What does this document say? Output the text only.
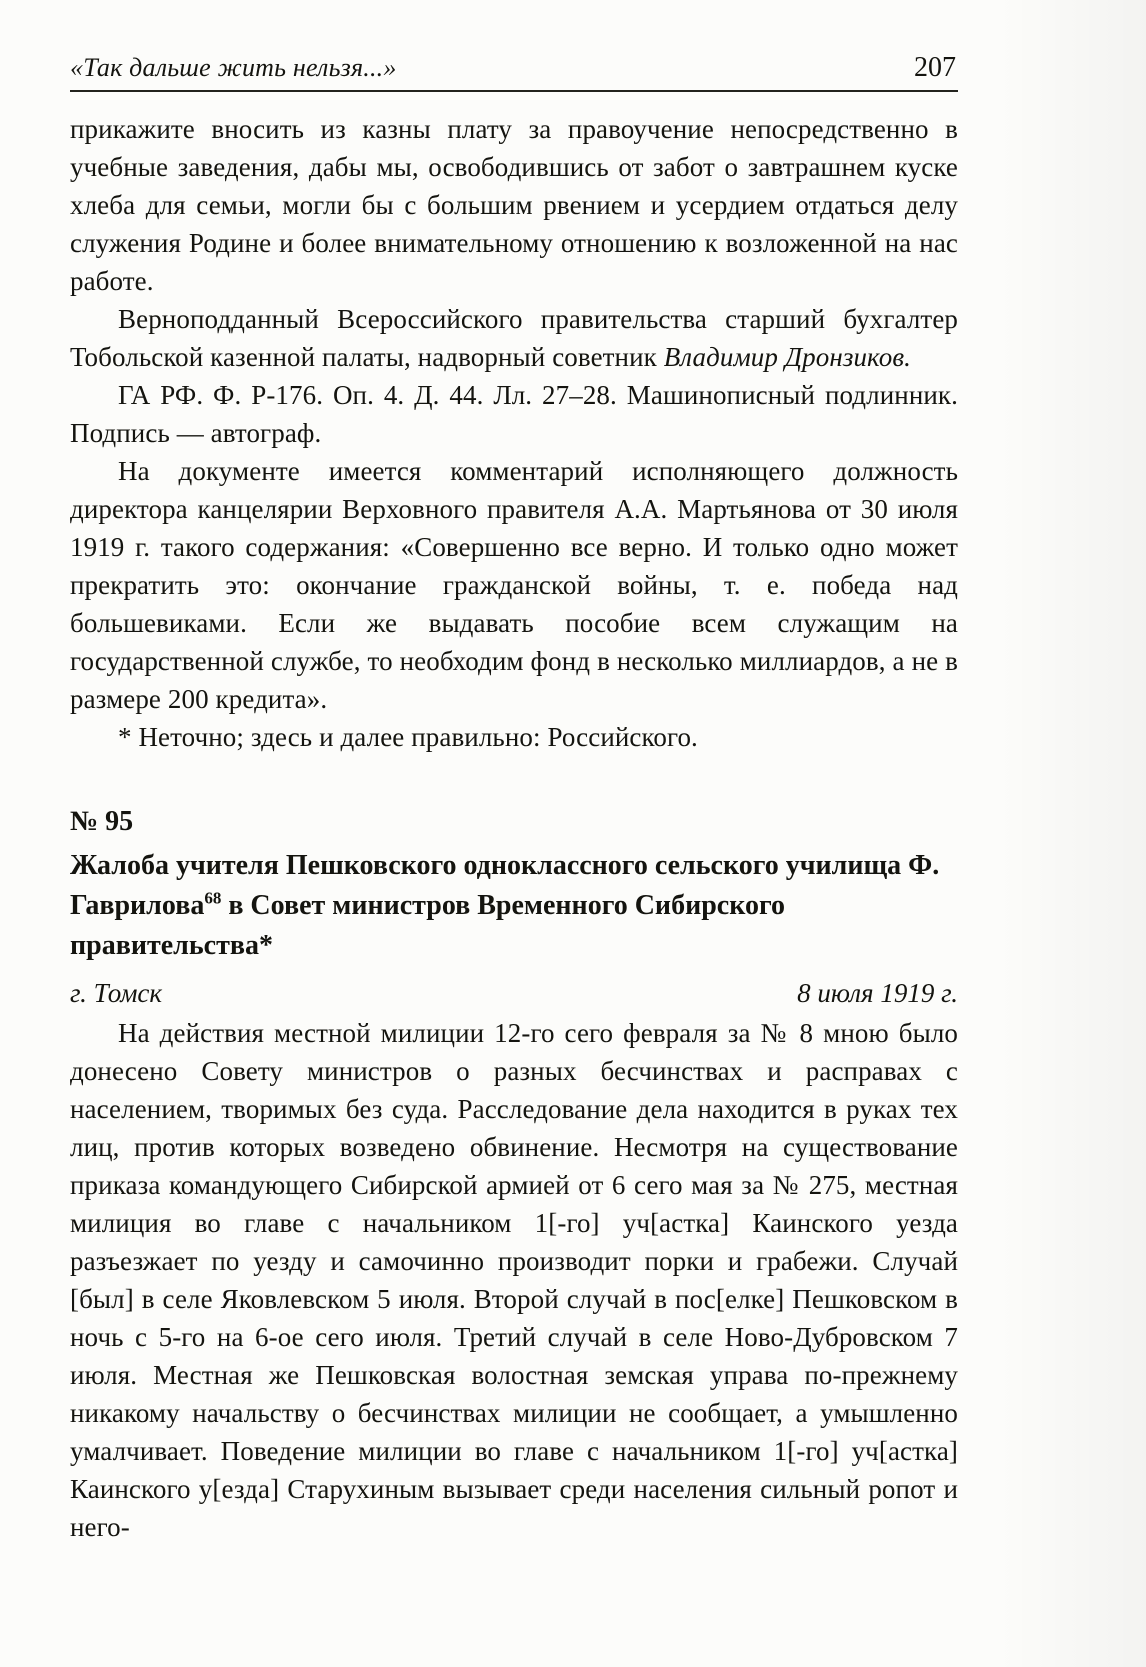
«Так дальше жить нельзя...»	207

прикажите вносить из казны плату за правоучение непосредственно в учебные заведения, дабы мы, освободившись от забот о завтрашнем куске хлеба для семьи, могли бы с большим рвением и усердием отдаться делу служения Родине и более внимательному отношению к возложенной на нас работе.

Верноподданный Всероссийского правительства старший бухгалтер Тобольской казенной палаты, надворный советник Владимир Дронзиков.

ГА РФ. Ф. Р-176. Оп. 4. Д. 44. Лл. 27–28. Машинописный подлинник. Подпись — автограф.

На документе имеется комментарий исполняющего должность директора канцелярии Верховного правителя А.А. Мартьянова от 30 июля 1919 г. такого содержания: «Совершенно все верно. И только одно может прекратить это: окончание гражданской войны, т. е. победа над большевиками. Если же выдавать пособие всем служащим на государственной службе, то необходим фонд в несколько миллиардов, а не в размере 200 кредита».

* Неточно; здесь и далее правильно: Российского.

№ 95
Жалоба учителя Пешковского одноклассного сельского училища Ф. Гаврилова$^{68}$ в Совет министров Временного Сибирского правительства*
г. Томск	8 июля 1919 г.

На действия местной милиции 12-го сего февраля за № 8 мною было донесено Совету министров о разных бесчинствах и расправах с населением, творимых без суда. Расследование дела находится в руках тех лиц, против которых возведено обвинение. Несмотря на существование приказа командующего Сибирской армией от 6 сего мая за № 275, местная милиция во главе с начальником 1[-го] уч[астка] Каинского уезда разъезжает по уезду и самочинно производит порки и грабежи. Случай [был] в селе Яковлевском 5 июля. Второй случай в пос[елке] Пешковском в ночь с 5-го на 6-ое сего июля. Третий случай в селе Ново-Дубровском 7 июля. Местная же Пешковская волостная земская управа по-прежнему никакому начальству о бесчинствах милиции не сообщает, а умышленно умалчивает. Поведение милиции во главе с начальником 1[-го] уч[астка] Каинского у[езда] Старухиным вызывает среди населения сильный ропот и него-
